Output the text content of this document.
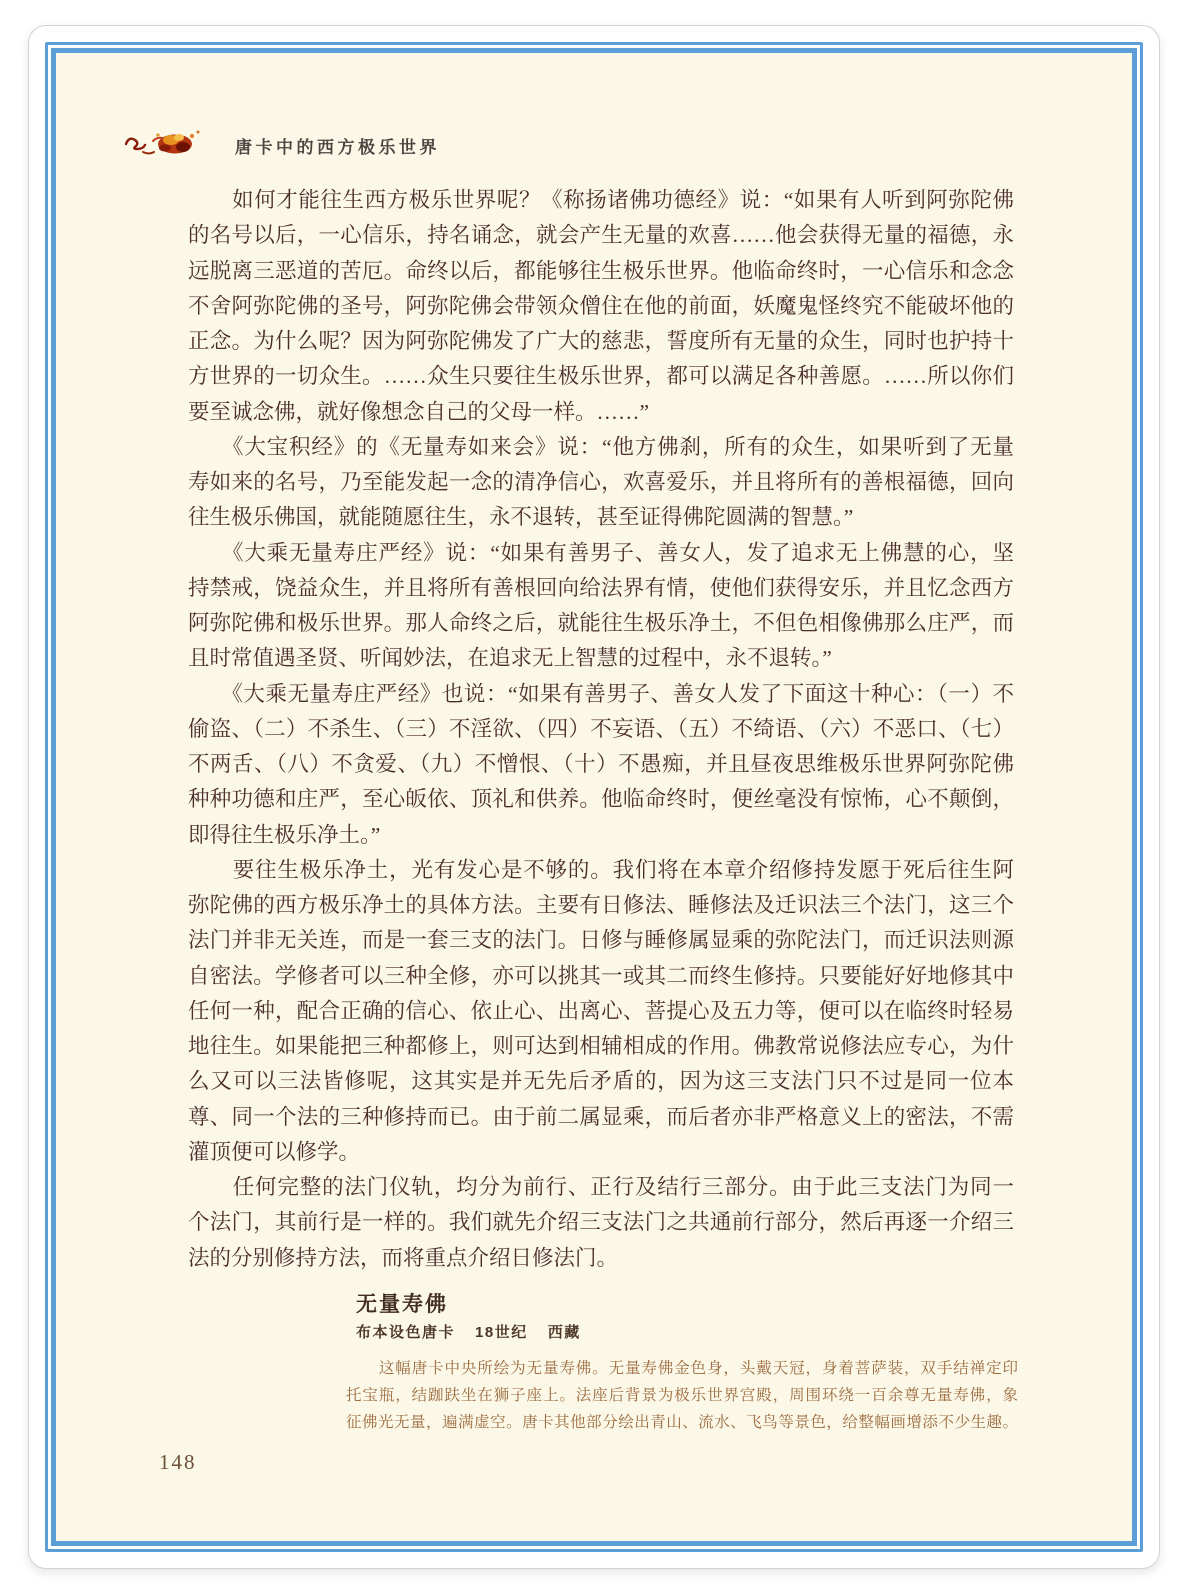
唐卡中的西方极乐世界
　　如何才能往生西方极乐世界呢？《称扬诸佛功德经》说：“如果有人听到阿弥陀佛
的名号以后，一心信乐，持名诵念，就会产生无量的欢喜……他会获得无量的福德，永
远脱离三恶道的苦厄。命终以后，都能够往生极乐世界。他临命终时，一心信乐和念念
不舍阿弥陀佛的圣号，阿弥陀佛会带领众僧住在他的前面，妖魔鬼怪终究不能破坏他的
正念。为什么呢？因为阿弥陀佛发了广大的慈悲，誓度所有无量的众生，同时也护持十
方世界的一切众生。……众生只要往生极乐世界，都可以满足各种善愿。……所以你们
要至诚念佛，就好像想念自己的父母一样。……”
　　《大宝积经》的《无量寿如来会》说：“他方佛刹，所有的众生，如果听到了无量
寿如来的名号，乃至能发起一念的清净信心，欢喜爱乐，并且将所有的善根福德，回向
往生极乐佛国，就能随愿往生，永不退转，甚至证得佛陀圆满的智慧。”
　　《大乘无量寿庄严经》说：“如果有善男子、善女人，发了追求无上佛慧的心，坚
持禁戒，饶益众生，并且将所有善根回向给法界有情，使他们获得安乐，并且忆念西方
阿弥陀佛和极乐世界。那人命终之后，就能往生极乐净土，不但色相像佛那么庄严，而
且时常值遇圣贤、听闻妙法，在追求无上智慧的过程中，永不退转。”
　　《大乘无量寿庄严经》也说：“如果有善男子、善女人发了下面这十种心：（一）不
偷盗、（二）不杀生、（三）不淫欲、（四）不妄语、（五）不绮语、（六）不恶口、（七）
不两舌、（八）不贪爱、（九）不憎恨、（十）不愚痴，并且昼夜思维极乐世界阿弥陀佛
种种功德和庄严，至心皈依、顶礼和供养。他临命终时，便丝毫没有惊怖，心不颠倒，
即得往生极乐净土。”
　　要往生极乐净土，光有发心是不够的。我们将在本章介绍修持发愿于死后往生阿
弥陀佛的西方极乐净土的具体方法。主要有日修法、睡修法及迁识法三个法门，这三个
法门并非无关连，而是一套三支的法门。日修与睡修属显乘的弥陀法门，而迁识法则源
自密法。学修者可以三种全修，亦可以挑其一或其二而终生修持。只要能好好地修其中
任何一种，配合正确的信心、依止心、出离心、菩提心及五力等，便可以在临终时轻易
地往生。如果能把三种都修上，则可达到相辅相成的作用。佛教常说修法应专心，为什
么又可以三法皆修呢，这其实是并无先后矛盾的，因为这三支法门只不过是同一位本
尊、同一个法的三种修持而已。由于前二属显乘，而后者亦非严格意义上的密法，不需
灌顶便可以修学。
　　任何完整的法门仪轨，均分为前行、正行及结行三部分。由于此三支法门为同一
个法门，其前行是一样的。我们就先介绍三支法门之共通前行部分，然后再逐一介绍三
法的分别修持方法，而将重点介绍日修法门。
无量寿佛
布本设色唐卡 18世纪 西藏
　　这幅唐卡中央所绘为无量寿佛。无量寿佛金色身，头戴天冠，身着菩萨装，双手结禅定印
托宝瓶，结跏趺坐在狮子座上。法座后背景为极乐世界宫殿，周围环绕一百余尊无量寿佛，象
征佛光无量，遍满虚空。唐卡其他部分绘出青山、流水、飞鸟等景色，给整幅画增添不少生趣。
148
